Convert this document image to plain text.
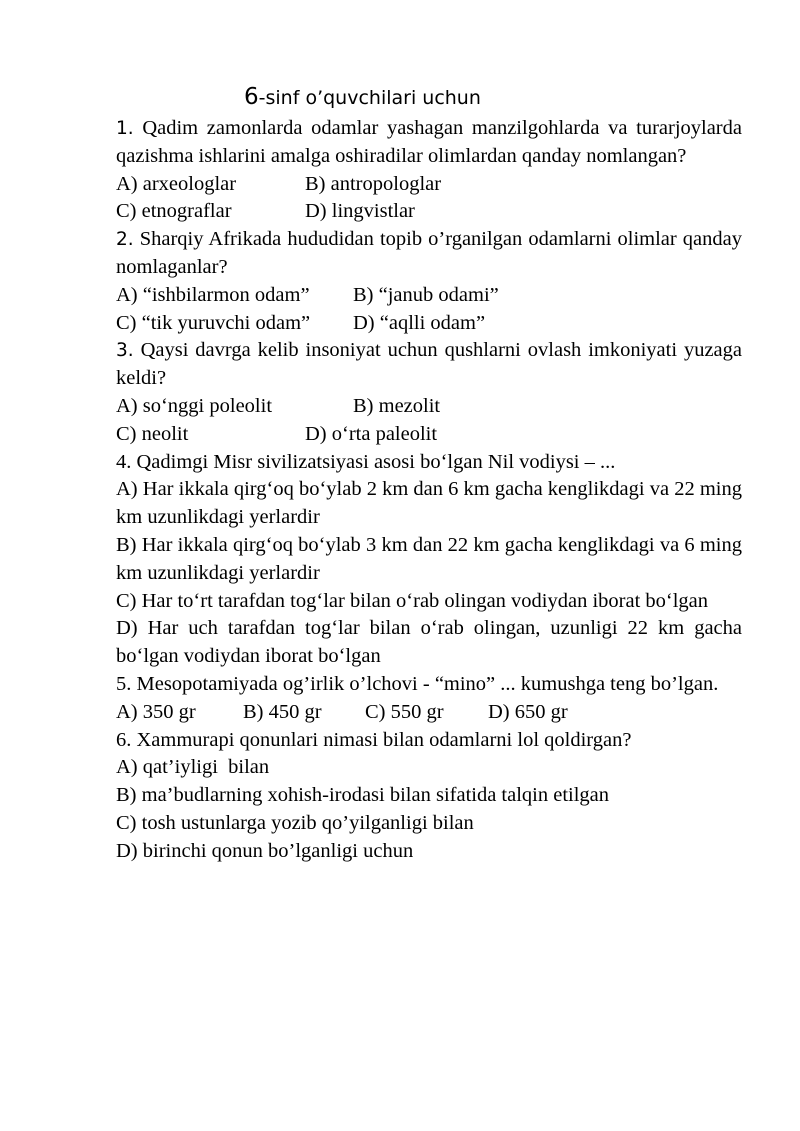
6-sinf o’quvchilari uchun
1. Qadim zamonlarda odamlar yashagan manzilgohlarda va turarjoylarda qazishma ishlarini amalga oshiradilar olimlardan qanday nomlangan?
A) arxeologlar	B) antropologlar
C) etnograflar	D) lingvistlar
2. Sharqiy Afrikada hududidan topib o’rganilgan odamlarni olimlar qanday nomlaganlar?
A) “ishbilarmon odam”	B) “janub odami”
C) “tik yuruvchi odam”	D) “aqlli odam”
3. Qaysi davrga kelib insoniyat uchun qushlarni ovlash imkoniyati yuzaga keldi?
A) so‘nggi poleolit	B) mezolit
C) neolit	D) o‘rta paleolit
4. Qadimgi Misr sivilizatsiyasi asosi bo‘lgan Nil vodiysi – ...
A) Har ikkala qirg‘oq bo‘ylab 2 km dan 6 km gacha kenglikdagi va 22 ming km uzunlikdagi yerlardir
B) Har ikkala qirg‘oq bo‘ylab 3 km dan 22 km gacha kenglikdagi va 6 ming km uzunlikdagi yerlardir
C) Har to‘rt tarafdan tog‘lar bilan o‘rab olingan vodiydan iborat bo‘lgan
D) Har uch tarafdan tog‘lar bilan o‘rab olingan, uzunligi 22 km gacha bo‘lgan vodiydan iborat bo‘lgan
5. Mesopotamiyada og’irlik o’lchovi - “mino” ... kumushga teng bo’lgan.
A) 350 gr	B) 450 gr	C) 550 gr	D) 650 gr
6. Xammurapi qonunlari nimasi bilan odamlarni lol qoldirgan?
A) qat’iyligi  bilan
B) ma’budlarning xohish-irodasi bilan sifatida talqin etilgan
C) tosh ustunlarga yozib qo’yilganligi bilan
D) birinchi qonun bo’lganligi uchun
